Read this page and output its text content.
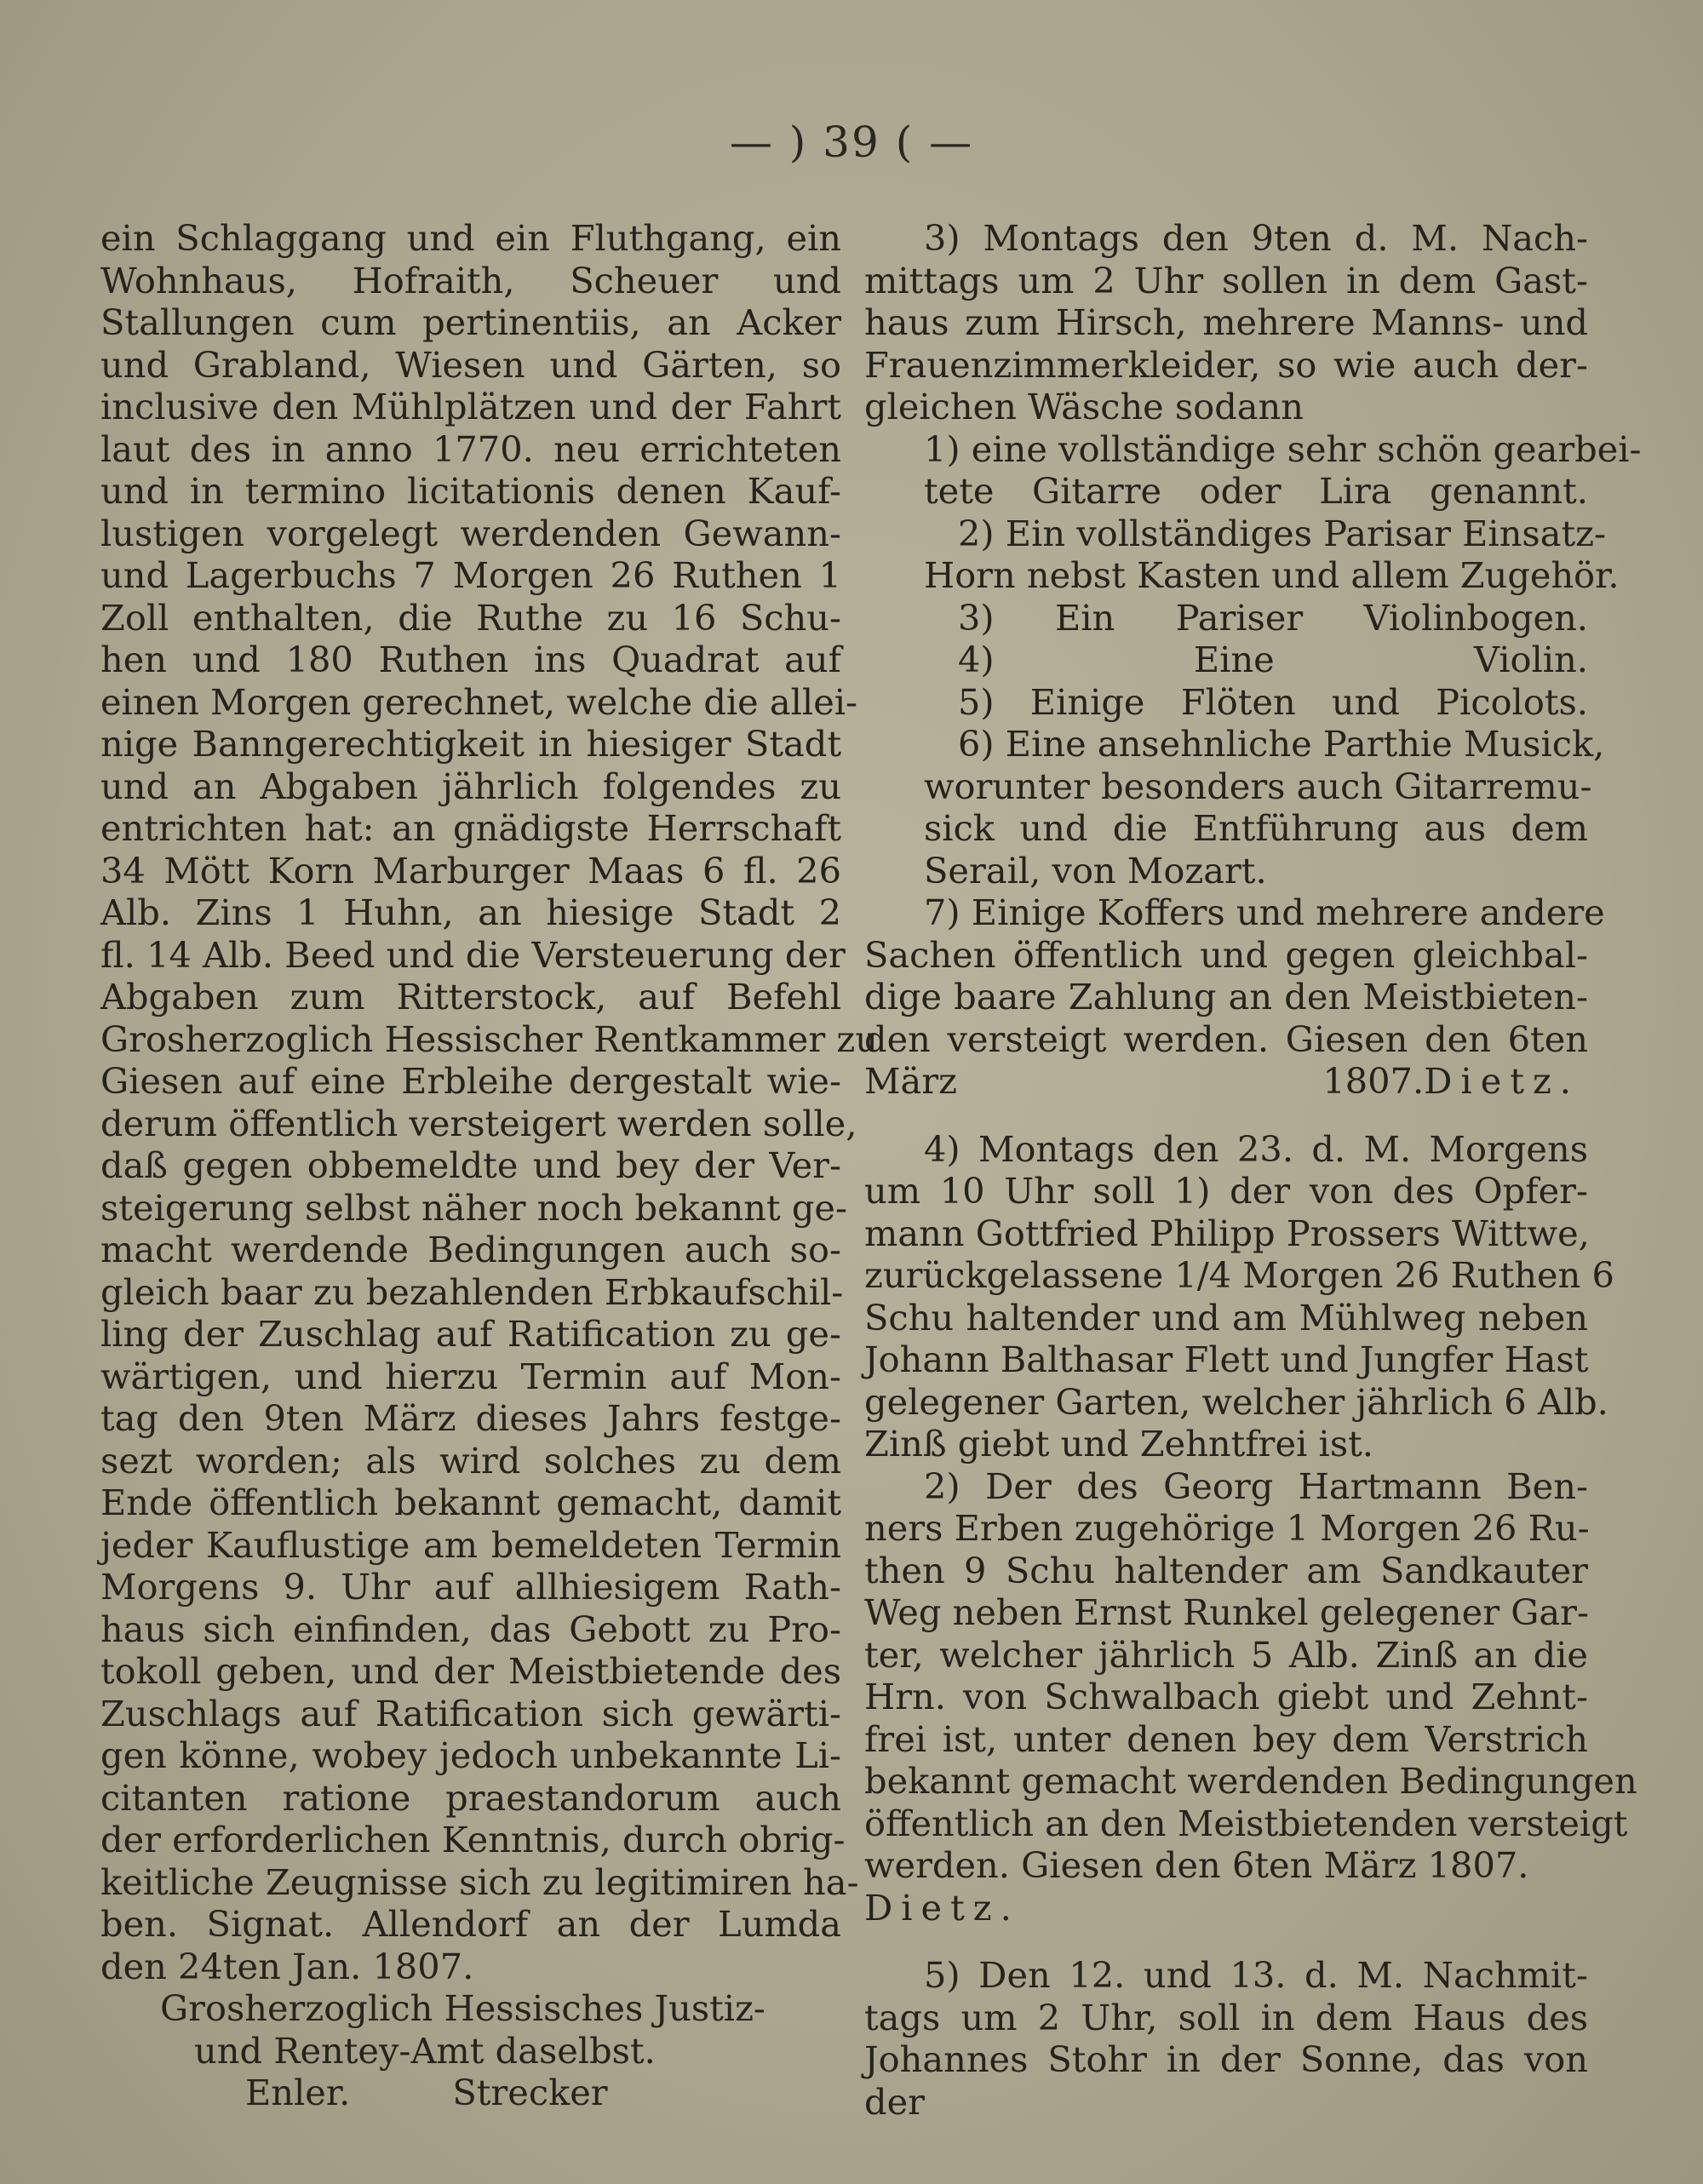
— ) 39 ( —
ein Schlaggang und ein Fluthgang, ein
Wohnhaus, Hofraith, Scheuer und
Stallungen cum pertinentiis, an Acker
und Grabland, Wiesen und Gärten, so
inclusive den Mühlplätzen und der Fahrt
laut des in anno 1770. neu errichteten
und in termino licitationis denen Kauf-
lustigen vorgelegt werdenden Gewann-
und Lagerbuchs 7 Morgen 26 Ruthen 1
Zoll enthalten, die Ruthe zu 16 Schu-
hen und 180 Ruthen ins Quadrat auf
einen Morgen gerechnet, welche die allei-
nige Banngerechtigkeit in hiesiger Stadt
und an Abgaben jährlich folgendes zu
entrichten hat: an gnädigste Herrschaft
34 Mött Korn Marburger Maas 6 fl. 26
Alb. Zins 1 Huhn, an hiesige Stadt 2
fl. 14 Alb. Beed und die Versteuerung der
Abgaben zum Ritterstock, auf Befehl
Grosherzoglich Hessischer Rentkammer zu
Giesen auf eine Erbleihe dergestalt wie-
derum öffentlich versteigert werden solle,
daß gegen obbemeldte und bey der Ver-
steigerung selbst näher noch bekannt ge-
macht werdende Bedingungen auch so-
gleich baar zu bezahlenden Erbkaufschil-
ling der Zuschlag auf Ratification zu ge-
wärtigen, und hierzu Termin auf Mon-
tag den 9ten März dieses Jahrs festge-
sezt worden; als wird solches zu dem
Ende öffentlich bekannt gemacht, damit
jeder Kauflustige am bemeldeten Termin
Morgens 9. Uhr auf allhiesigem Rath-
haus sich einfinden, das Gebott zu Pro-
tokoll geben, und der Meistbietende des
Zuschlags auf Ratification sich gewärti-
gen könne, wobey jedoch unbekannte Li-
citanten ratione praestandorum auch
der erforderlichen Kenntnis, durch obrig-
keitliche Zeugnisse sich zu legitimiren ha-
ben. Signat. Allendorf an der Lumda
den 24ten Jan. 1807.
Grosherzoglich Hessisches Justiz-
und Rentey-Amt daselbst.
Enler.	Strecker
3) Montags den 9ten d. M. Nach-
mittags um 2 Uhr sollen in dem Gast-
haus zum Hirsch, mehrere Manns- und
Frauenzimmerkleider, so wie auch der-
gleichen Wäsche sodann
1) eine vollständige sehr schön gearbei-
tete Gitarre oder Lira genannt.
2) Ein vollständiges Parisar Einsatz-
Horn nebst Kasten und allem Zugehör.
3) Ein Pariser Violinbogen.
4) Eine Violin.
5) Einige Flöten und Picolots.
6) Eine ansehnliche Parthie Musick,
worunter besonders auch Gitarremu-
sick und die Entführung aus dem
Serail, von Mozart.
7) Einige Koffers und mehrere andere
Sachen öffentlich und gegen gleichbal-
dige baare Zahlung an den Meistbieten-
den versteigt werden. Giesen den 6ten
März 1807.Dietz.
4) Montags den 23. d. M. Morgens
um 10 Uhr soll 1) der von des Opfer-
mann Gottfried Philipp Prossers Wittwe,
zurückgelassene 1/4 Morgen 26 Ruthen 6
Schu haltender und am Mühlweg neben
Johann Balthasar Flett und Jungfer Hast
gelegener Garten, welcher jährlich 6 Alb.
Zinß giebt und Zehntfrei ist.
2) Der des Georg Hartmann Ben-
ners Erben zugehörige 1 Morgen 26 Ru-
then 9 Schu haltender am Sandkauter
Weg neben Ernst Runkel gelegener Gar-
ter, welcher jährlich 5 Alb. Zinß an die
Hrn. von Schwalbach giebt und Zehnt-
frei ist, unter denen bey dem Verstrich
bekannt gemacht werdenden Bedingungen
öffentlich an den Meistbietenden versteigt
werden. Giesen den 6ten März 1807.
Dietz.
5) Den 12. und 13. d. M. Nachmit-
tags um 2 Uhr, soll in dem Haus des
Johannes Stohr in der Sonne, das von
der
